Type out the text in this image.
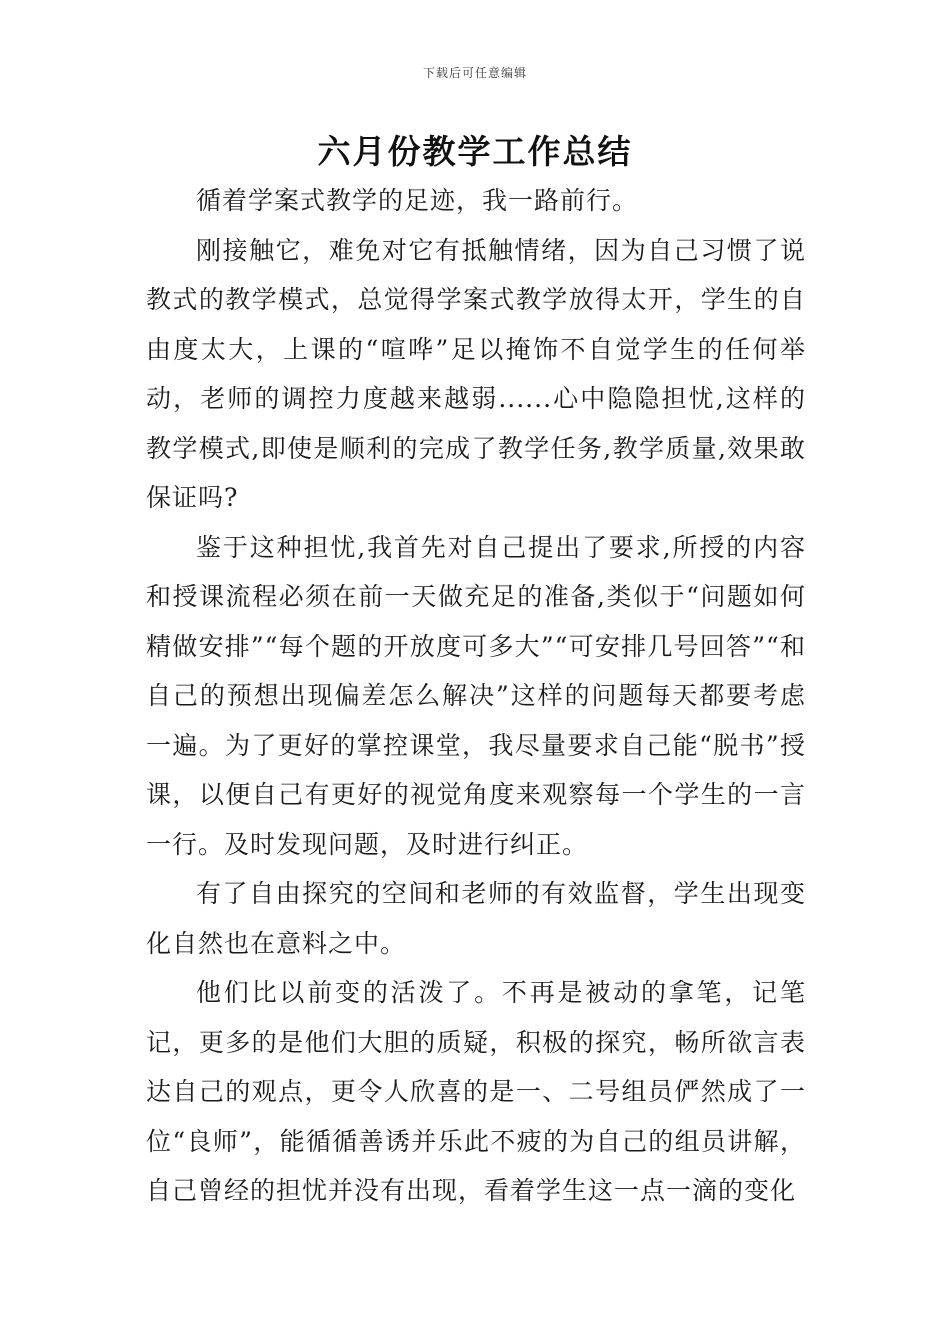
下载后可任意编辑
六月份教学工作总结

循着学案式教学的足迹，我一路前行。

刚接触它，难免对它有抵触情绪，因为自己习惯了说教式的教学模式，总觉得学案式教学放得太开，学生的自由度太大，上课的“喧哗”足以掩饰不自觉学生的任何举动，老师的调控力度越来越弱......心中隐隐担忧,这样的教学模式,即使是顺利的完成了教学任务,教学质量,效果敢保证吗?

鉴于这种担忧,我首先对自己提出了要求,所授的内容和授课流程必须在前一天做充足的准备,类似于“问题如何精做安排”“每个题的开放度可多大”“可安排几号回答”“和自己的预想出现偏差怎么解决”这样的问题每天都要考虑一遍。为了更好的掌控课堂，我尽量要求自己能“脱书”授课，以便自己有更好的视觉角度来观察每一个学生的一言一行。及时发现问题，及时进行纠正。

有了自由探究的空间和老师的有效监督，学生出现变化自然也在意料之中。

他们比以前变的活泼了。不再是被动的拿笔，记笔记，更多的是他们大胆的质疑，积极的探究，畅所欲言表达自己的观点，更令人欣喜的是一、二号组员俨然成了一位“良师”，能循循善诱并乐此不疲的为自己的组员讲解，自己曾经的担忧并没有出现，看着学生这一点一滴的变化
